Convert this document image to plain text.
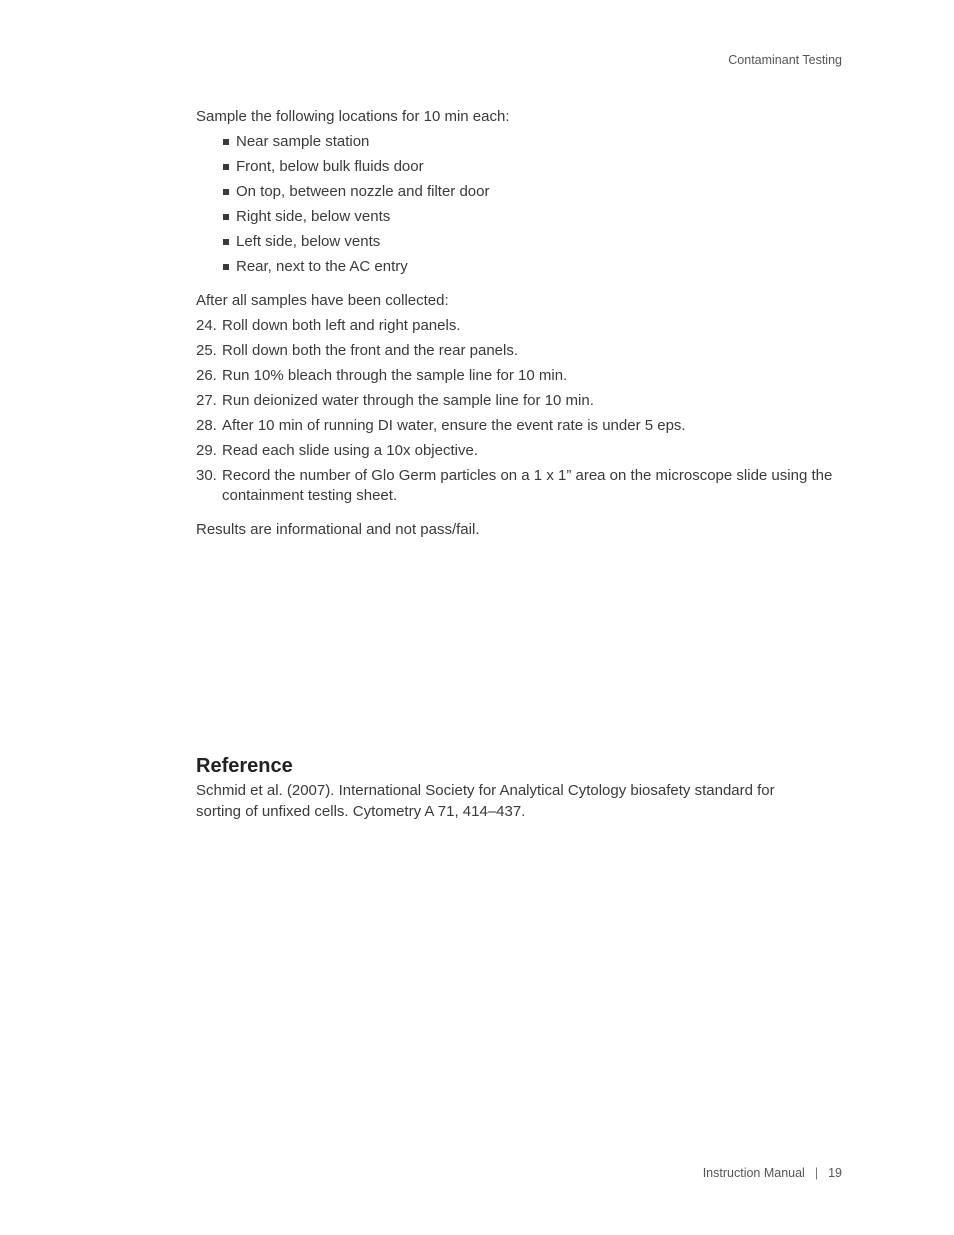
Contaminant Testing

Sample the following locations for 10 min each:

Near sample station
Front, below bulk fluids door
On top, between nozzle and filter door
Right side, below vents
Left side, below vents
Rear, next to the AC entry

After all samples have been collected:

24. Roll down both left and right panels.
25. Roll down both the front and the rear panels.
26. Run 10% bleach through the sample line for 10 min.
27. Run deionized water through the sample line for 10 min.
28. After 10 min of running DI water, ensure the event rate is under 5 eps.
29. Read each slide using a 10x objective.
30. Record the number of Glo Germ particles on a 1 x 1” area on the microscope slide using the containment testing sheet.

Results are informational and not pass/fail.

Reference

Schmid et al. (2007). International Society for Analytical Cytology biosafety standard for sorting of unfixed cells. Cytometry A 71, 414–437.

Instruction Manual | 19
